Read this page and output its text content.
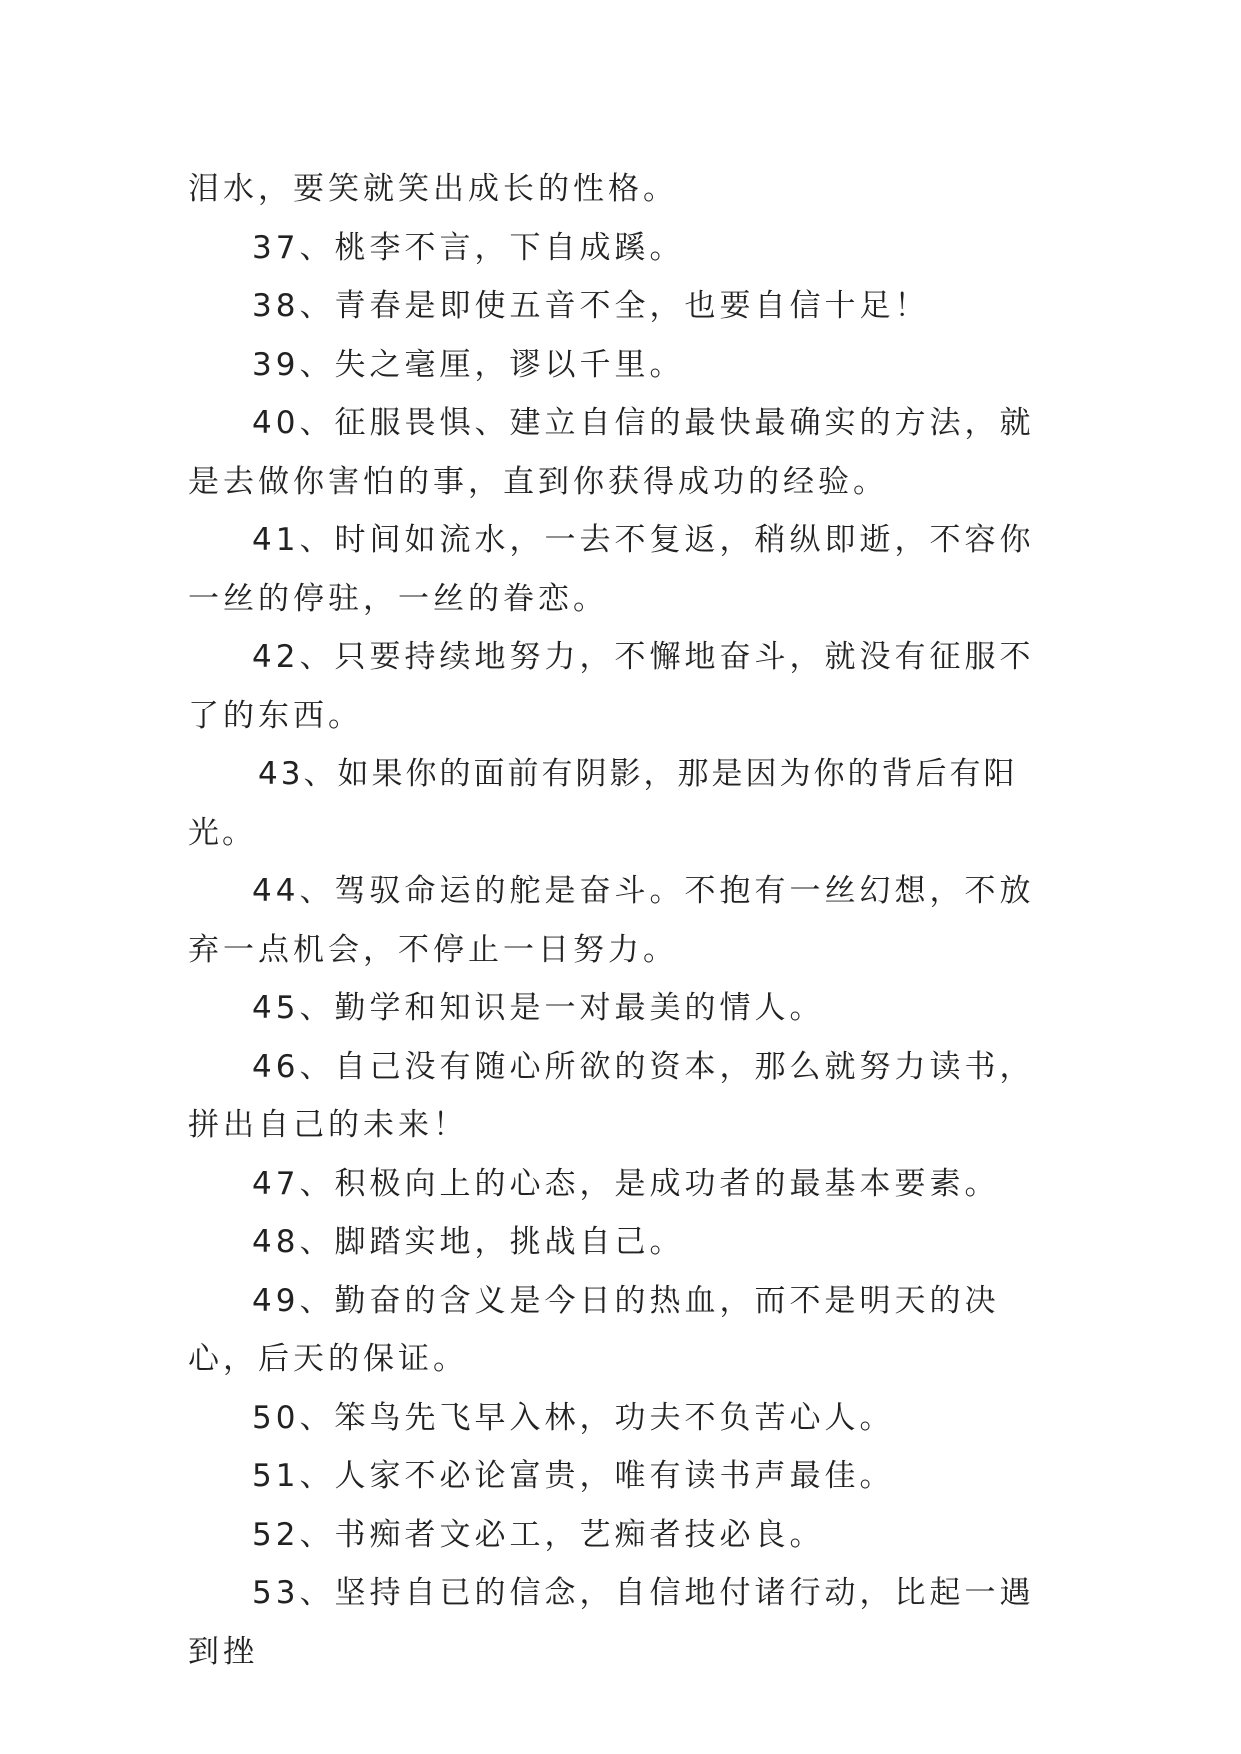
泪水，要笑就笑出成长的性格。

37、桃李不言，下自成蹊。

38、青春是即使五音不全，也要自信十足！

39、失之毫厘，谬以千里。

40、征服畏惧、建立自信的最快最确实的方法，就是去做你害怕的事，直到你获得成功的经验。

41、时间如流水，一去不复返，稍纵即逝，不容你一丝的停驻，一丝的眷恋。

42、只要持续地努力，不懈地奋斗，就没有征服不了的东西。

43、如果你的面前有阴影，那是因为你的背后有阳光。

44、驾驭命运的舵是奋斗。不抱有一丝幻想，不放弃一点机会，不停止一日努力。

45、勤学和知识是一对最美的情人。

46、自己没有随心所欲的资本，那么就努力读书，拼出自己的未来！

47、积极向上的心态，是成功者的最基本要素。

48、脚踏实地，挑战自己。

49、勤奋的含义是今日的热血，而不是明天的决心，后天的保证。

50、笨鸟先飞早入林，功夫不负苦心人。

51、人家不必论富贵，唯有读书声最佳。

52、书痴者文必工，艺痴者技必良。

53、坚持自已的信念，自信地付诸行动，比起一遇到挫
